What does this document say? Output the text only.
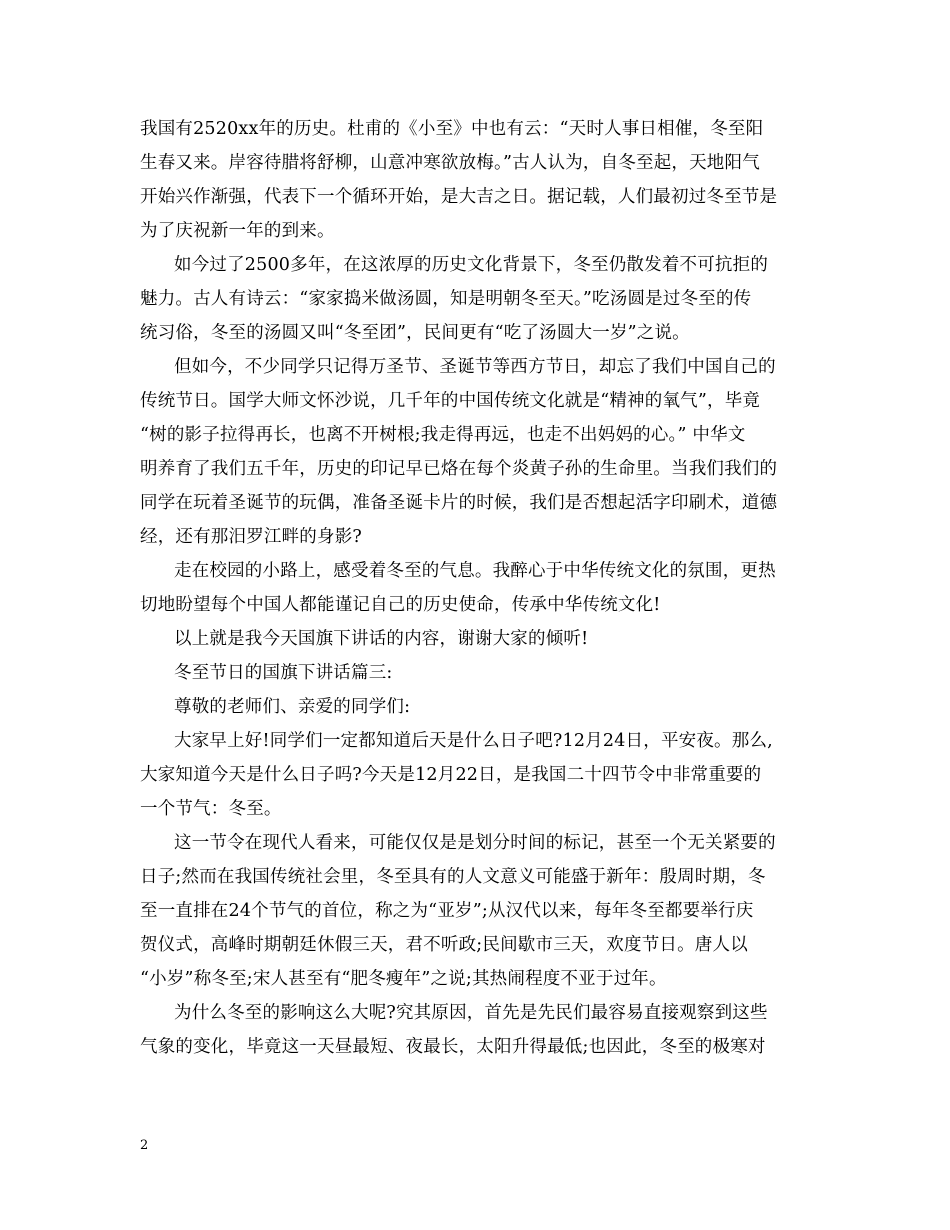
我国有2520xx年的历史。杜甫的《小至》中也有云：“天时人事日相催，冬至阳
生春又来。岸容待腊将舒柳，山意冲寒欲放梅。”古人认为，自冬至起，天地阳气
开始兴作渐强，代表下一个循环开始，是大吉之日。据记载，人们最初过冬至节是
为了庆祝新一年的到来。
如今过了2500多年，在这浓厚的历史文化背景下，冬至仍散发着不可抗拒的
魅力。古人有诗云：“家家捣米做汤圆，知是明朝冬至天。”吃汤圆是过冬至的传
统习俗，冬至的汤圆又叫“冬至团”，民间更有“吃了汤圆大一岁”之说。
但如今，不少同学只记得万圣节、圣诞节等西方节日，却忘了我们中国自己的
传统节日。国学大师文怀沙说，几千年的中国传统文化就是“精神的氧气”，毕竟
“树的影子拉得再长，也离不开树根;我走得再远，也走不出妈妈的心。” 中华文
明养育了我们五千年，历史的印记早已烙在每个炎黄子孙的生命里。当我们我们的
同学在玩着圣诞节的玩偶，准备圣诞卡片的时候，我们是否想起活字印刷术，道德
经，还有那汨罗江畔的身影?
走在校园的小路上，感受着冬至的气息。我醉心于中华传统文化的氛围，更热
切地盼望每个中国人都能谨记自己的历史使命，传承中华传统文化!
以上就是我今天国旗下讲话的内容，谢谢大家的倾听!
冬至节日的国旗下讲话篇三:
尊敬的老师们、亲爱的同学们:
大家早上好!同学们一定都知道后天是什么日子吧?12月24日，平安夜。那么,
大家知道今天是什么日子吗?今天是12月22日，是我国二十四节令中非常重要的
一个节气：冬至。
这一节令在现代人看来，可能仅仅是是划分时间的标记，甚至一个无关紧要的
日子;然而在我国传统社会里，冬至具有的人文意义可能盛于新年：殷周时期，冬
至一直排在24个节气的首位，称之为“亚岁”;从汉代以来，每年冬至都要举行庆
贺仪式，高峰时期朝廷休假三天，君不听政;民间歇市三天，欢度节日。唐人以
“小岁”称冬至;宋人甚至有“肥冬瘦年”之说;其热闹程度不亚于过年。
为什么冬至的影响这么大呢?究其原因，首先是先民们最容易直接观察到这些
气象的变化，毕竟这一天昼最短、夜最长，太阳升得最低;也因此，冬至的极寒对
2
